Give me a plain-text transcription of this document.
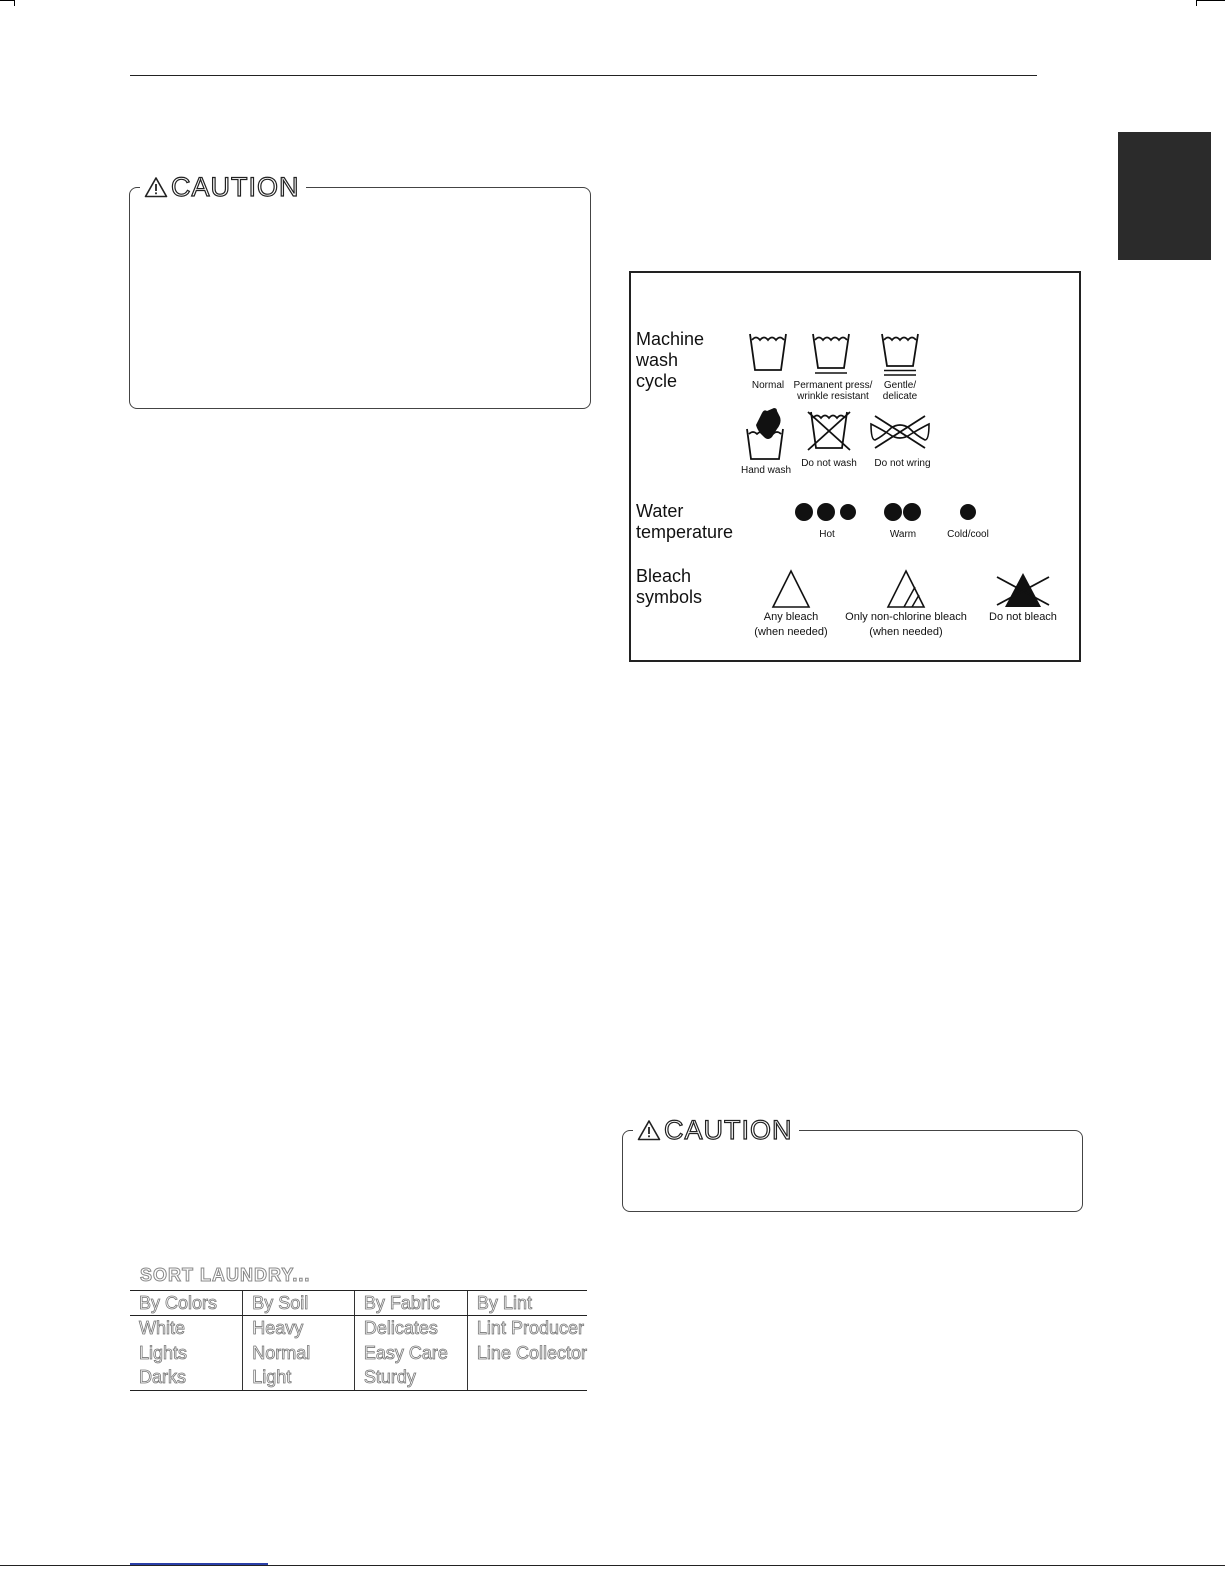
CAUTION
Machine
wash
cycle	Normal Permanent press/
wrinkle resistant
Gentle/
delicate
Hand wash
Do not wash	Do not wring
Water
temperature	Hot	Warm	Cold/cool
Bleach
symbols
Any bleach
(when needed)
Only non-chlorine bleach
(when needed)
Do not bleach
CAUTION
SORT LAUNDRY...
By Colors	By Soil	By Fabric	By Lint
White	Heavy	Delicates	Lint Producer
Lights	Normal	Easy Care	Line Collector
Darks	Light	Sturdy	
